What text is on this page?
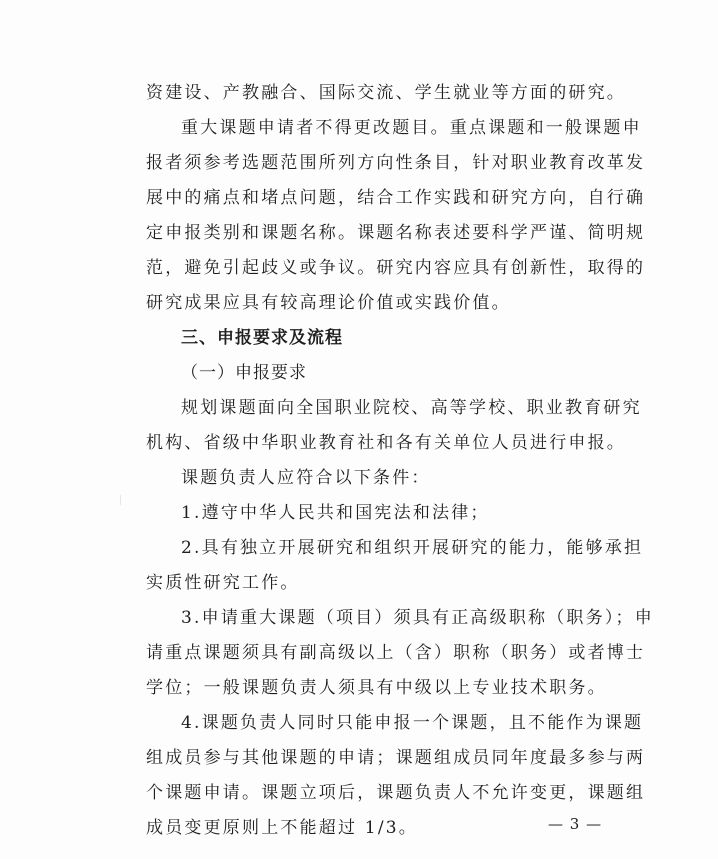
资建设、产教融合、国际交流、学生就业等方面的研究。
重大课题申请者不得更改题目。重点课题和一般课题申
报者须参考选题范围所列方向性条目，针对职业教育改革发
展中的痛点和堵点问题，结合工作实践和研究方向，自行确
定申报类别和课题名称。课题名称表述要科学严谨、简明规
范，避免引起歧义或争议。研究内容应具有创新性，取得的
研究成果应具有较高理论价值或实践价值。
三、申报要求及流程
（一）申报要求
规划课题面向全国职业院校、高等学校、职业教育研究
机构、省级中华职业教育社和各有关单位人员进行申报。
课题负责人应符合以下条件：
1.遵守中华人民共和国宪法和法律；
2.具有独立开展研究和组织开展研究的能力，能够承担
实质性研究工作。
3.申请重大课题（项目）须具有正高级职称（职务）；申
请重点课题须具有副高级以上（含）职称（职务）或者博士
学位；一般课题负责人须具有中级以上专业技术职务。
4.课题负责人同时只能申报一个课题，且不能作为课题
组成员参与其他课题的申请；课题组成员同年度最多参与两
个课题申请。课题立项后，课题负责人不允许变更，课题组
成员变更原则上不能超过 1/3。	— 3 —
